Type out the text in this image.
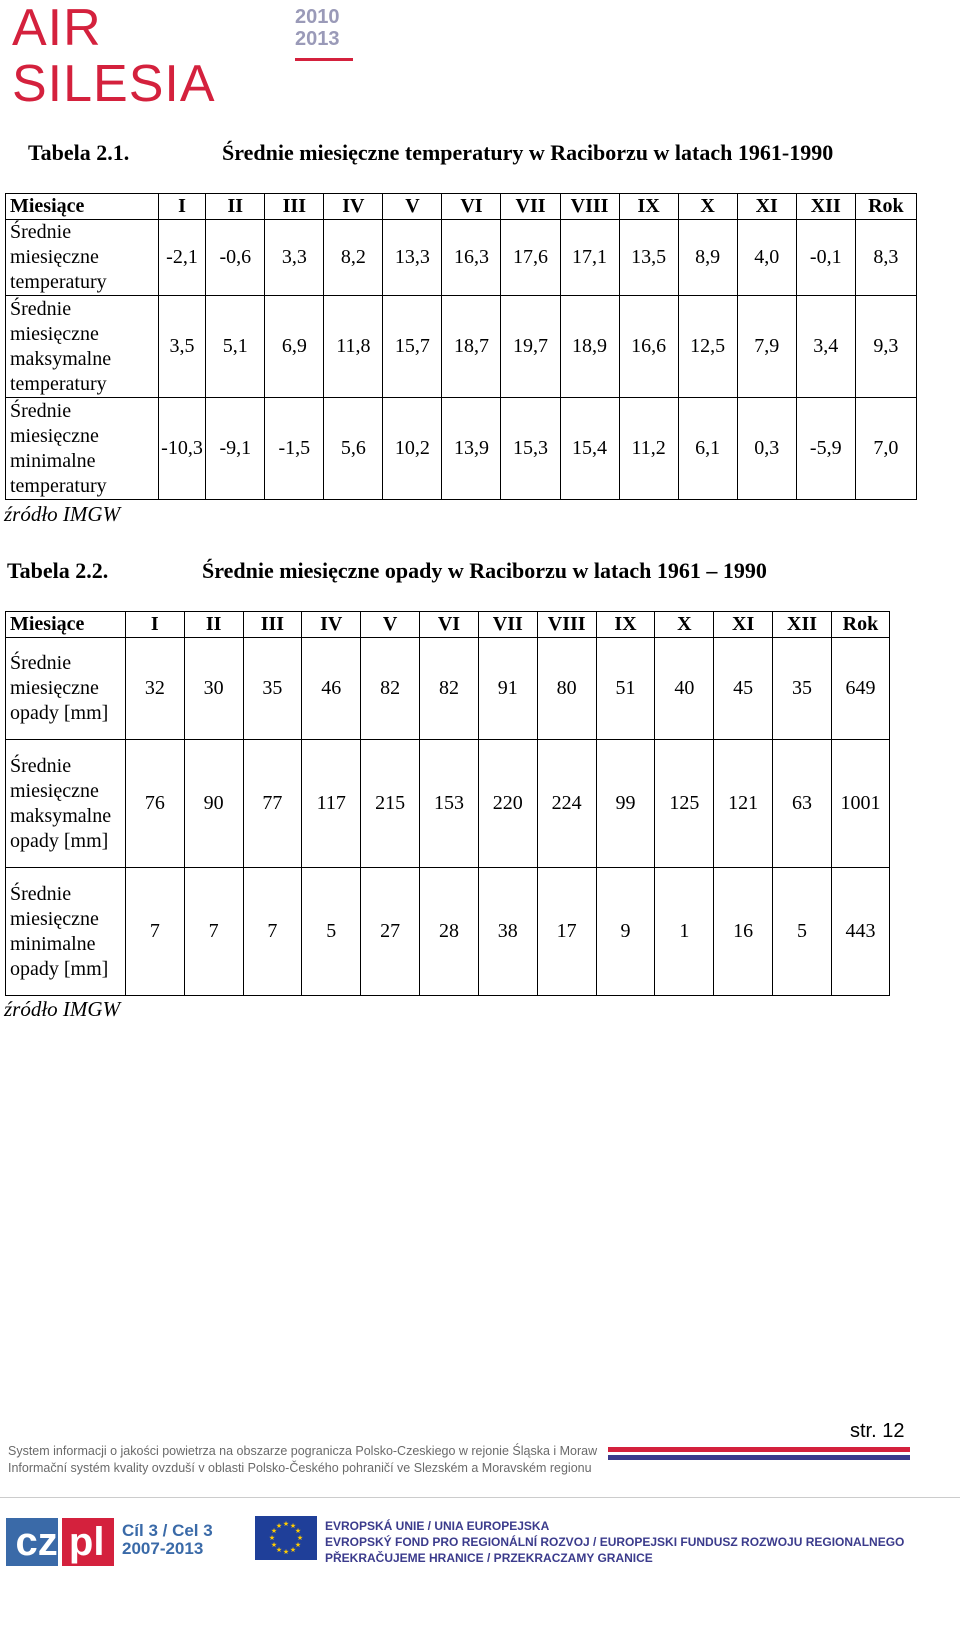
AIR SILESIA
2010
2013
Tabela 2.1.	Średnie miesięczne temperatury w Raciborzu w latach 1961-1990
Miesiące	I	II	III	IV	V	VI	VII	VIII	IX	X	XI	XII	Rok
Średnie miesięczne temperatury	-2,1	-0,6	3,3	8,2	13,3	16,3	17,6	17,1	13,5	8,9	4,0	-0,1	8,3
Średnie miesięczne maksymalne temperatury	3,5	5,1	6,9	11,8	15,7	18,7	19,7	18,9	16,6	12,5	7,9	3,4	9,3
Średnie miesięczne minimalne temperatury	-10,3	-9,1	-1,5	5,6	10,2	13,9	15,3	15,4	11,2	6,1	0,3	-5,9	7,0
źródło IMGW
Tabela 2.2.	Średnie miesięczne opady w Raciborzu w latach 1961 – 1990
Miesiące	I	II	III	IV	V	VI	VII	VIII	IX	X	XI	XII	Rok
Średnie miesięczne opady [mm]	32	30	35	46	82	82	91	80	51	40	45	35	649
Średnie miesięczne maksymalne opady [mm]	76	90	77	117	215	153	220	224	99	125	121	63	1001
Średnie miesięczne minimalne opady [mm]	7	7	7	5	27	28	38	17	9	1	16	5	443
źródło IMGW
str. 12
System informacji o jakości powietrza na obszarze pogranicza Polsko-Czeskiego w rejonie Śląska i Moraw
Informační systém kvality ovzduší v oblasti Polsko-Českého pohraničí ve Slezském a Moravském regionu
cz pl	Cíl 3 / Cel 3
2007-2013
★ ★
★
★
★
★
★
★
★
★
★
★	EVROPSKÁ UNIE / UNIA EUROPEJSKA
EVROPSKÝ FOND PRO REGIONÁLNÍ ROZVOJ / EUROPEJSKI FUNDUSZ ROZWOJU REGIONALNEGO
PŘEKRAČUJEME HRANICE / PRZEKRACZAMY GRANICE
